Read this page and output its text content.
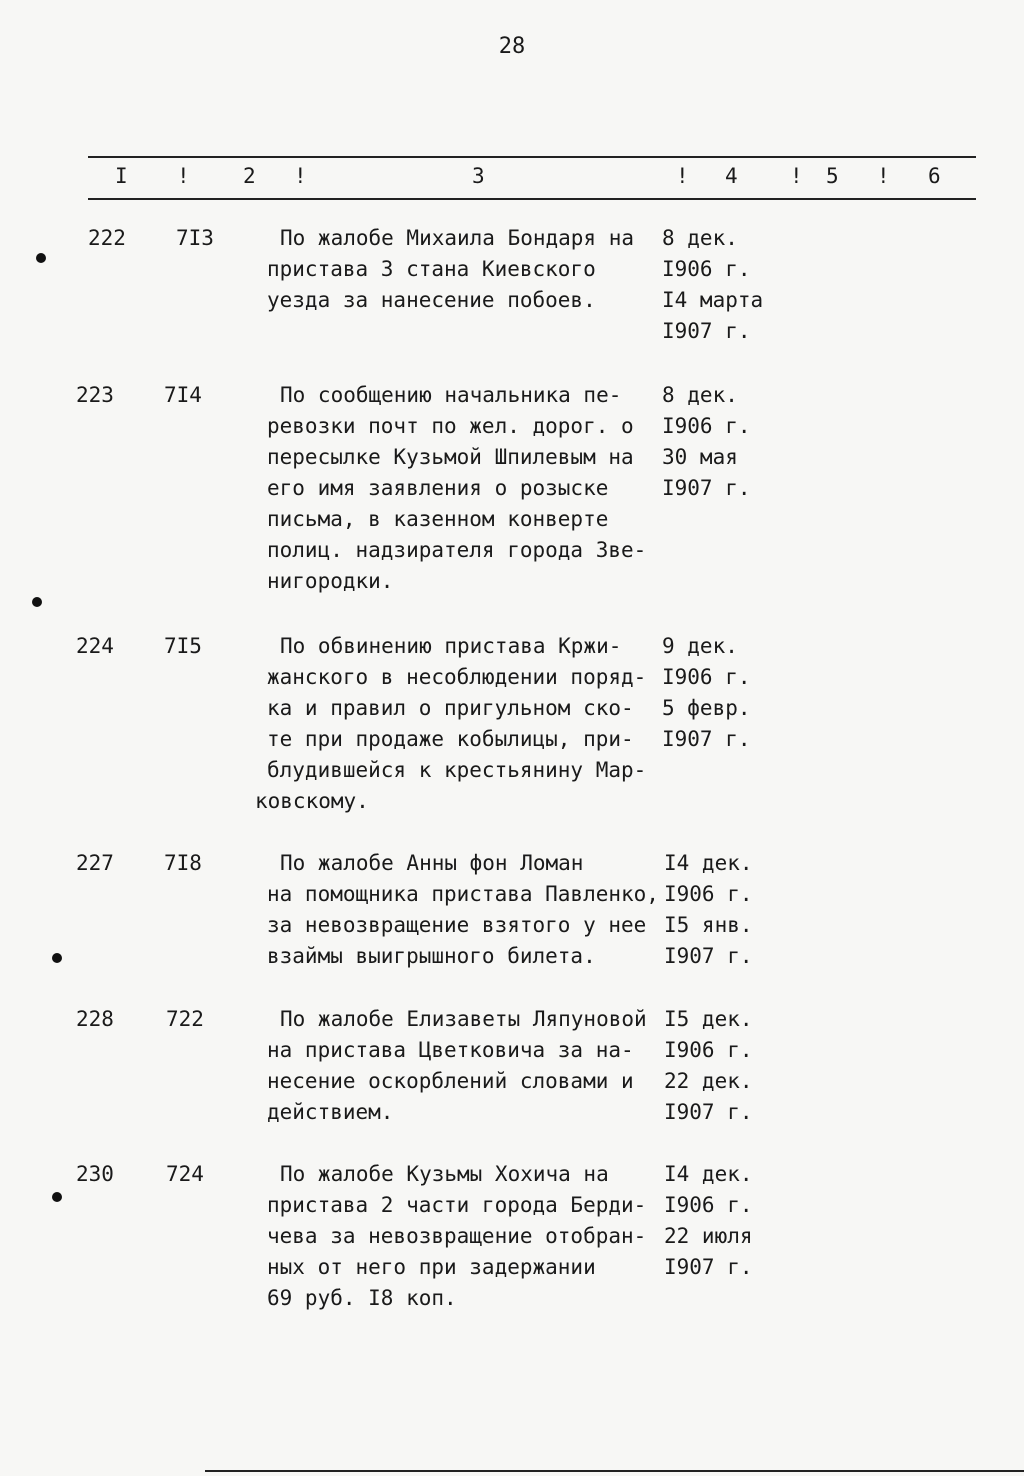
28
I !	2 !	3	! 4 ! 5 ! 6
222	7I3	По жалобе Михаила Бондаря на
пристава 3 стана Киевского
уезда за нанесение побоев.
8 дек.
I906 г.
I4 марта
I907 г.
223	7I4	По сообщению начальника пе-
ревозки почт по жел. дорог. о
пересылке Кузьмой Шпилевым на
его имя заявления о розыске
письма, в казенном конверте
полиц. надзирателя города Зве-
нигородки.
8 дек.
I906 г.
30 мая
I907 г.
224	7I5	По обвинению пристава Кржи-
жанского в несоблюдении поряд-
ка и правил о пригульном ско-
те при продаже кобылицы, при-
блудившейся к крестьянину Мар-
ковскому.
9 дек.
I906 г.
5 февр.
I907 г.
227	7I8	По жалобе Анны фон Ломан
на помощника пристава Павленко,
за невозвращение взятого у нее
взаймы выигрышного билета.
I4 дек.
I906 г.
I5 янв.
I907 г.
228	722	По жалобе Елизаветы Ляпуновой
на пристава Цветковича за на-
несение оскорблений словами и
действием.
I5 дек.
I906 г.
22 дек.
I907 г.
230	724	По жалобе Кузьмы Хохича на
пристава 2 части города Берди-
чева за невозвращение отобран-
ных от него при задержании
69 руб. I8 коп.
I4 дек.
I906 г.
22 июля
I907 г.
